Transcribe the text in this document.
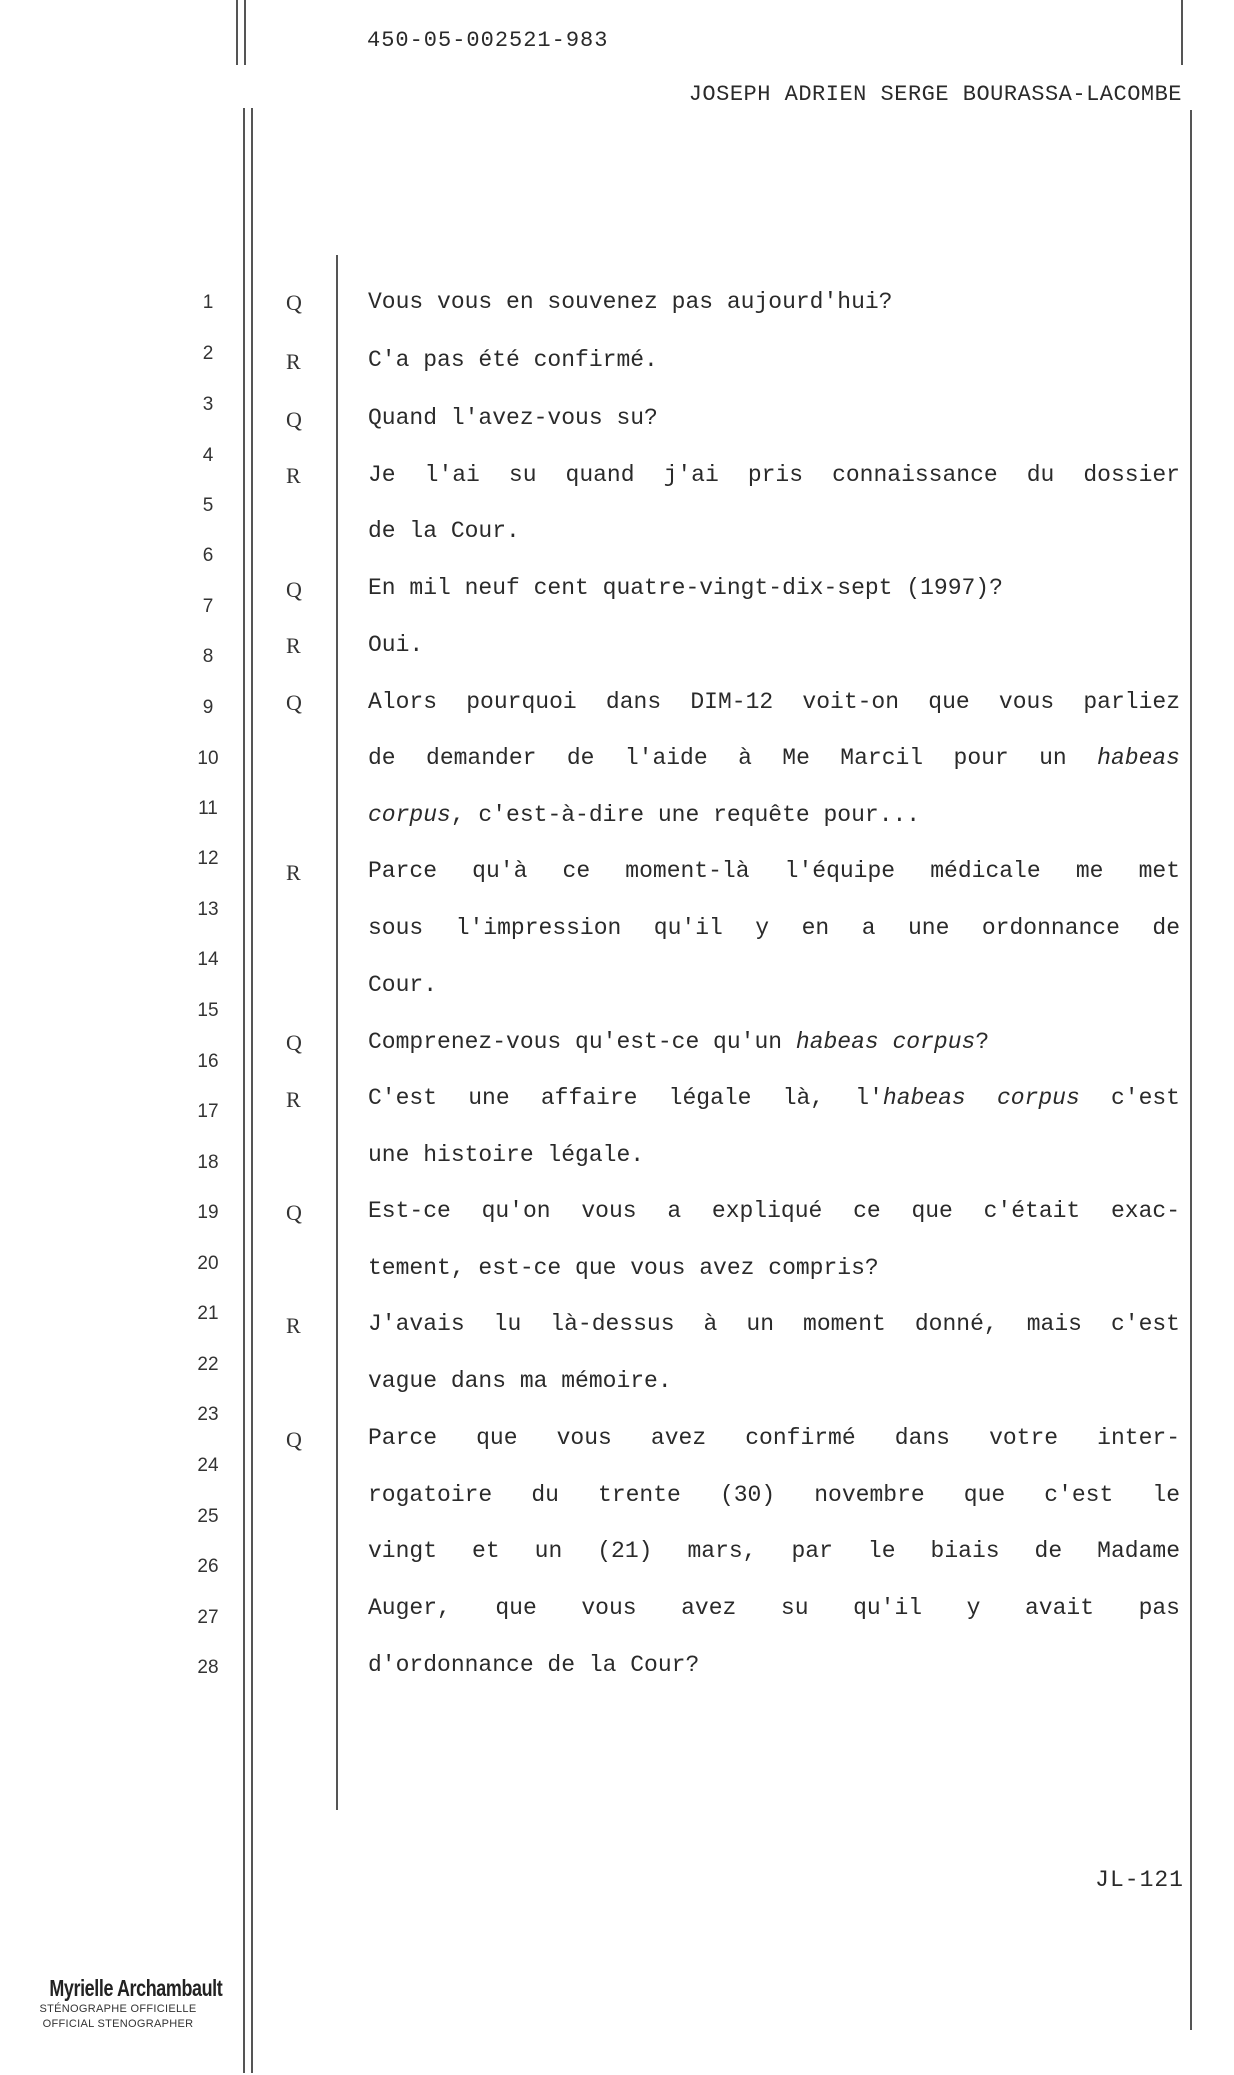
450-05-002521-983
JOSEPH ADRIEN SERGE BOURASSA-LACOMBE
1
2
3
4
5
6
7
8
9
10
11
12
13
14
15
16
17
18
19
20
21
22
23
24
25
26
27
28
Q
R
Q
R
Q
R
Q
R
Q
R
Q
R
Q
Vous vous en souvenez pas aujourd'hui?
C'a pas été confirmé.
Quand l'avez-vous su?
Je l'ai su quand j'ai pris connaissance du dossier
de la Cour.
En mil neuf cent quatre-vingt-dix-sept (1997)?
Oui.
Alors pourquoi dans DIM-12 voit-on que vous parliez
de demander de l'aide à Me Marcil pour un habeas
corpus, c'est-à-dire une requête pour...
Parce qu'à ce moment-là l'équipe médicale me met
sous l'impression qu'il y en a une ordonnance de
Cour.
Comprenez-vous qu'est-ce qu'un habeas corpus?
C'est une affaire légale là, l'habeas corpus c'est
une histoire légale.
Est-ce qu'on vous a expliqué ce que c'était exac-
tement, est-ce que vous avez compris?
J'avais lu là-dessus à un moment donné, mais c'est
vague dans ma mémoire.
Parce que vous avez confirmé dans votre inter-
rogatoire du trente (30) novembre que c'est le
vingt et un (21) mars, par le biais de Madame
Auger, que vous avez su qu'il y avait pas
d'ordonnance de la Cour?
JL-121
Myrielle Archambault
STÉNOGRAPHE OFFICIELLE
OFFICIAL STENOGRAPHER
